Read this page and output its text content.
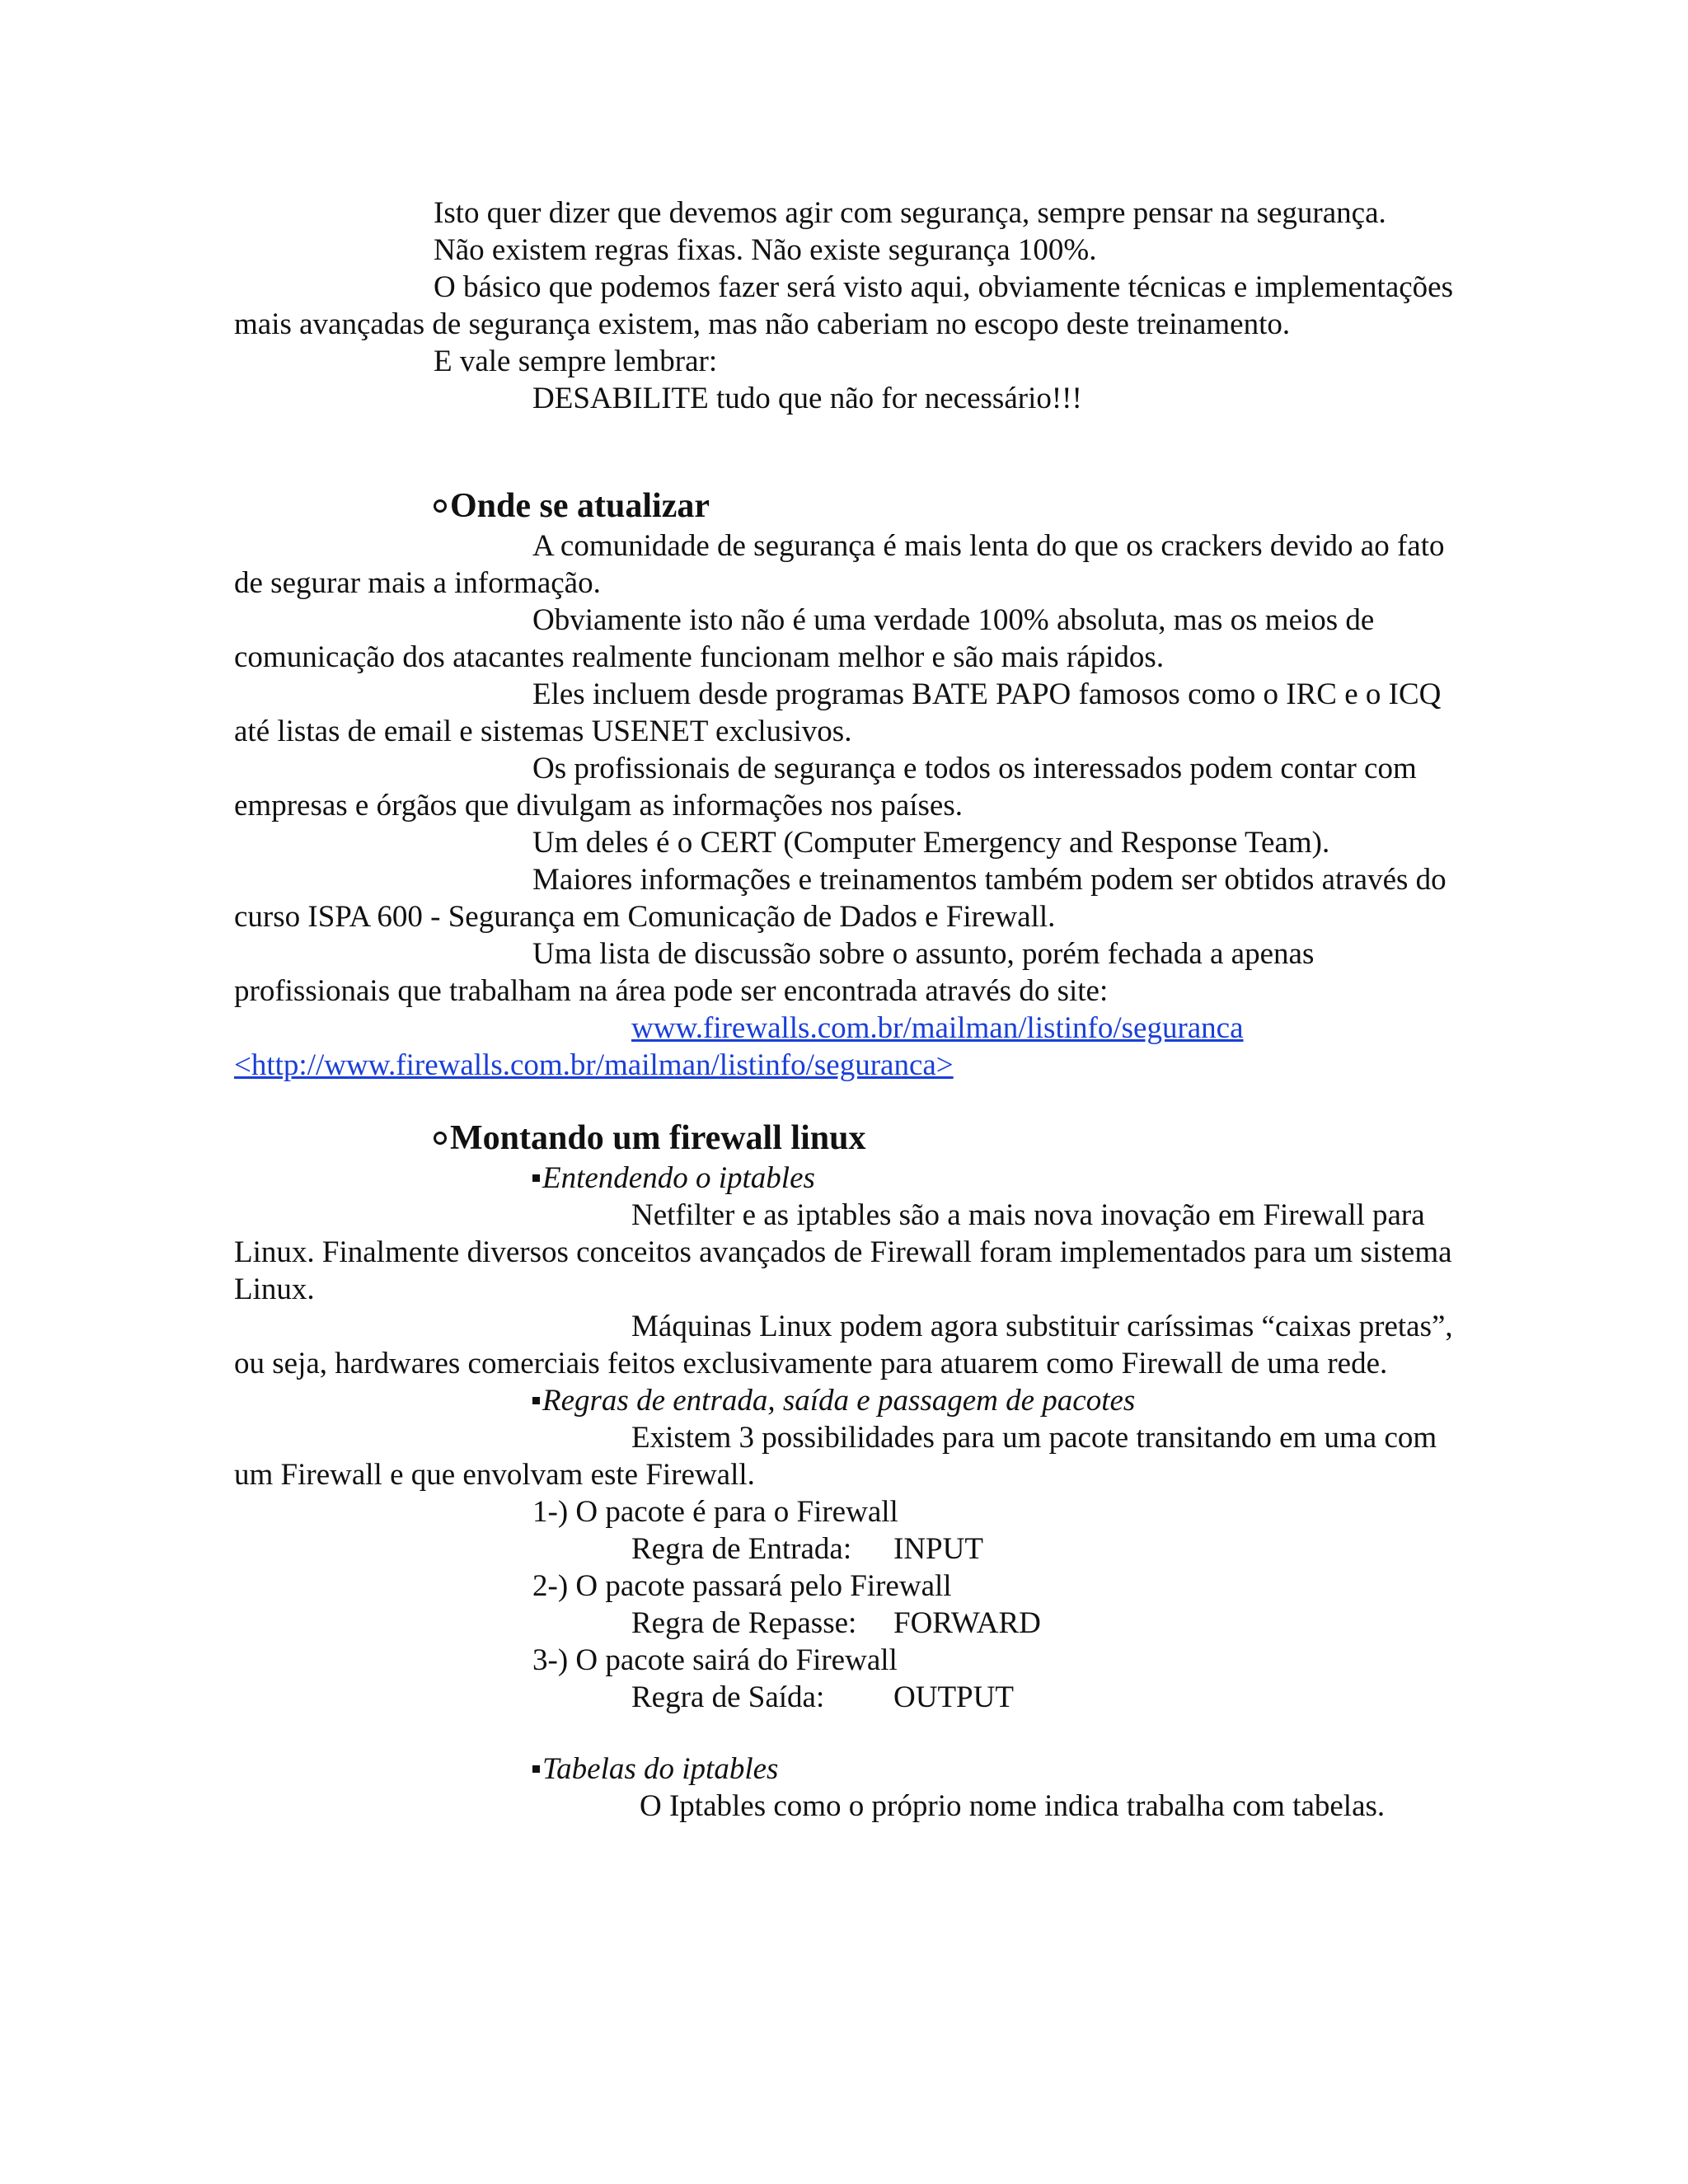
Isto quer dizer que devemos agir com segurança, sempre pensar na segurança.

Não existem regras fixas. Não existe segurança 100%.

O básico que podemos fazer será visto aqui, obviamente técnicas e implementações mais avançadas de segurança existem, mas não caberiam no escopo deste treinamento.

E vale sempre lembrar:

DESABILITE tudo que não for necessário!!!

Onde se atualizar

A comunidade de segurança é mais lenta do que os crackers devido ao fato de segurar mais a informação.

Obviamente isto não é uma verdade 100% absoluta, mas os meios de comunicação dos atacantes realmente funcionam melhor e são mais rápidos.

Eles incluem desde programas BATE PAPO famosos como o IRC e o ICQ até listas de email e sistemas USENET exclusivos.

Os profissionais de segurança e todos os interessados podem contar com empresas e órgãos que divulgam as informações nos países.

Um deles é o CERT (Computer Emergency and Response Team).

Maiores informações e treinamentos também podem ser obtidos através do curso ISPA 600 - Segurança em Comunicação de Dados e Firewall.

Uma lista de discussão sobre o assunto, porém fechada a apenas profissionais que trabalham na área pode ser encontrada através do site:

www.firewalls.com.br/mailman/listinfo/seguranca <http://www.firewalls.com.br/mailman/listinfo/seguranca>

Montando um firewall linux

Entendendo o iptables

Netfilter e as iptables são a mais nova inovação em Firewall para Linux. Finalmente diversos conceitos avançados de Firewall foram implementados para um sistema Linux.

Máquinas Linux podem agora substituir caríssimas “caixas pretas”, ou seja, hardwares comerciais feitos exclusivamente para atuarem como Firewall de uma rede.

Regras de entrada, saída e passagem de pacotes

Existem 3 possibilidades para um pacote transitando em uma com um Firewall e que envolvam este Firewall.

1-) O pacote é para o Firewall

Regra de Entrada: INPUT

2-) O pacote passará pelo Firewall

Regra de Repasse: FORWARD

3-) O pacote sairá do Firewall

Regra de Saída: OUTPUT

Tabelas do iptables

O Iptables como o próprio nome indica trabalha com tabelas.
